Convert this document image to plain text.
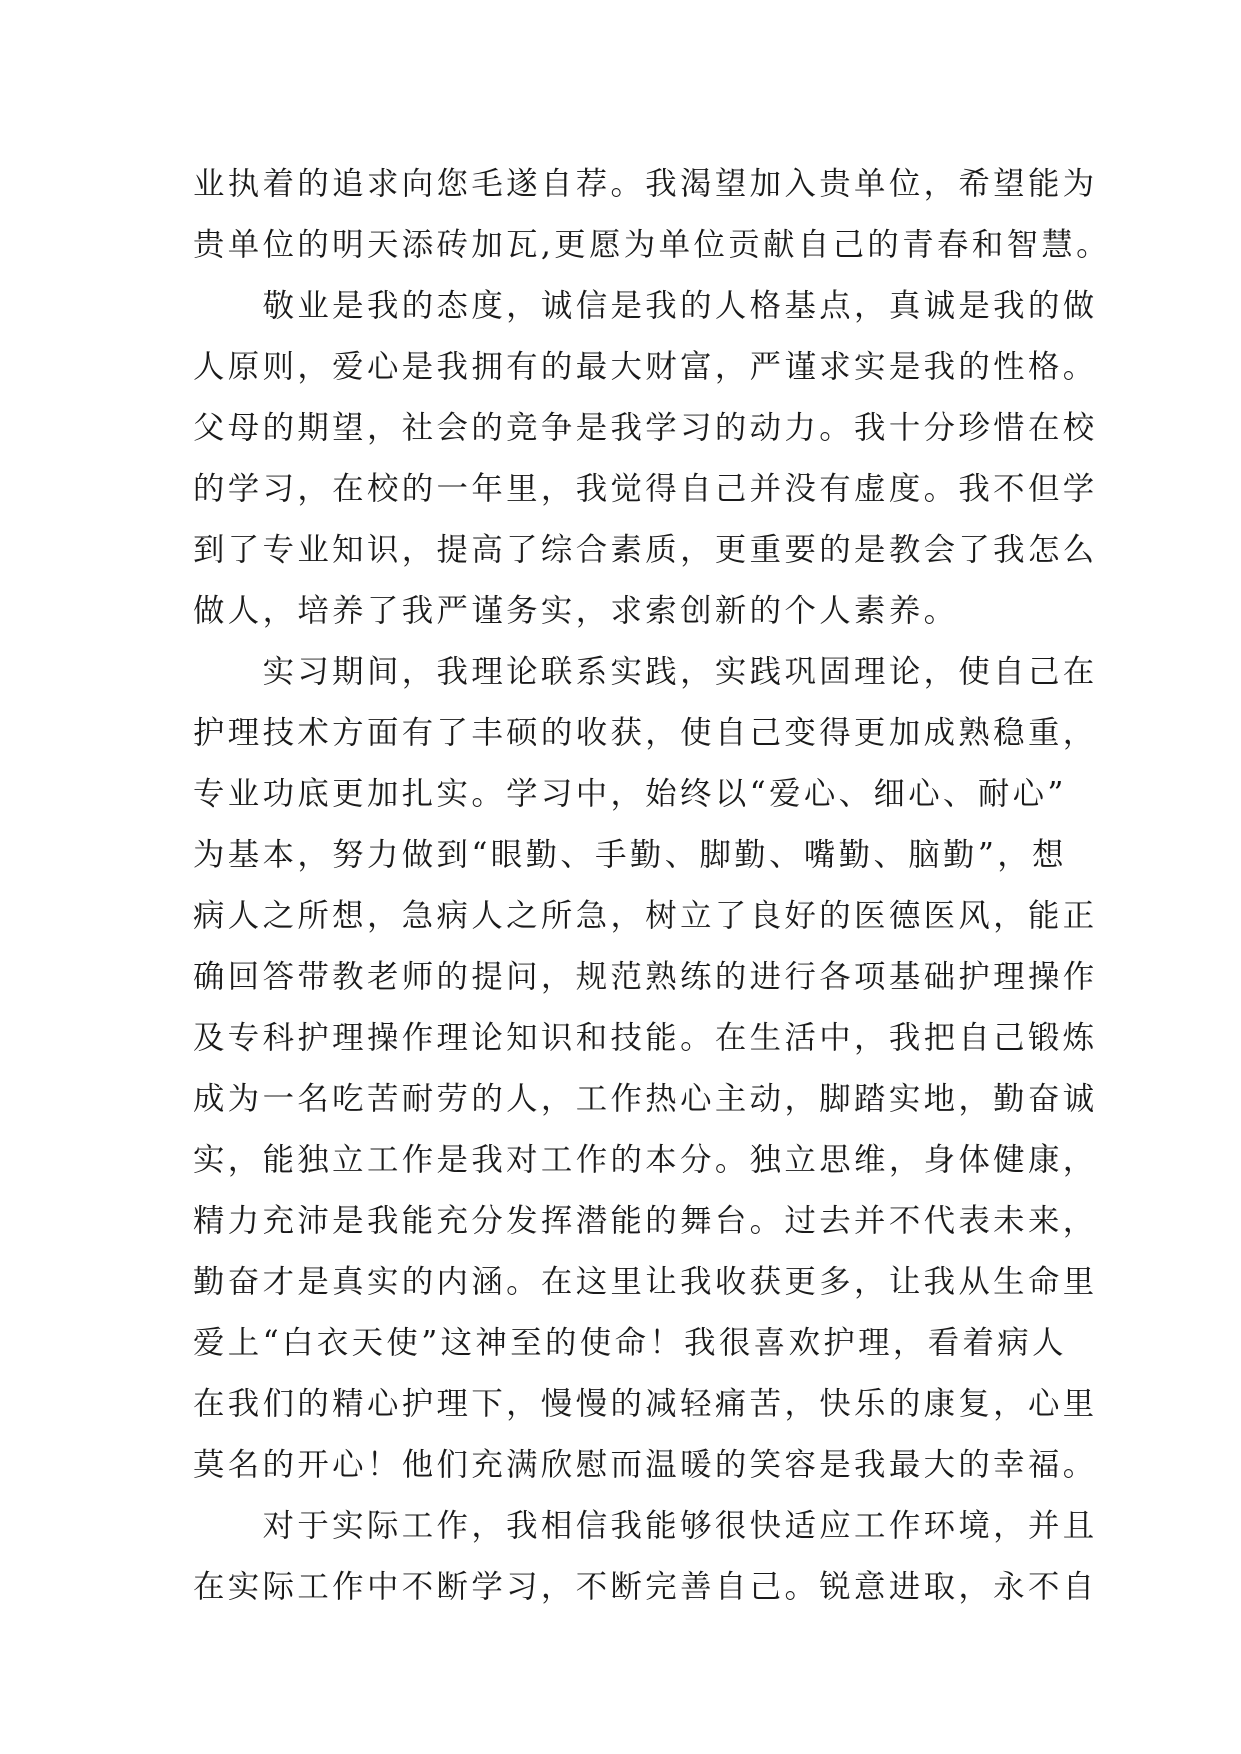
业执着的追求向您毛遂自荐。我渴望加入贵单位，希望能为
贵单位的明天添砖加瓦,更愿为单位贡献自己的青春和智慧。
　　敬业是我的态度，诚信是我的人格基点，真诚是我的做
人原则，爱心是我拥有的最大财富，严谨求实是我的性格。
父母的期望，社会的竞争是我学习的动力。我十分珍惜在校
的学习，在校的一年里，我觉得自己并没有虚度。我不但学
到了专业知识，提高了综合素质，更重要的是教会了我怎么
做人，培养了我严谨务实，求索创新的个人素养。
　　实习期间，我理论联系实践，实践巩固理论，使自己在
护理技术方面有了丰硕的收获，使自己变得更加成熟稳重，
专业功底更加扎实。学习中，始终以“爱心、细心、耐心”
为基本，努力做到“眼勤、手勤、脚勤、嘴勤、脑勤”，想
病人之所想，急病人之所急，树立了良好的医德医风，能正
确回答带教老师的提问，规范熟练的进行各项基础护理操作
及专科护理操作理论知识和技能。在生活中，我把自己锻炼
成为一名吃苦耐劳的人，工作热心主动，脚踏实地，勤奋诚
实，能独立工作是我对工作的本分。独立思维，身体健康，
精力充沛是我能充分发挥潜能的舞台。过去并不代表未来，
勤奋才是真实的内涵。在这里让我收获更多，让我从生命里
爱上“白衣天使”这神至的使命！我很喜欢护理，看着病人
在我们的精心护理下，慢慢的减轻痛苦，快乐的康复，心里
莫名的开心！他们充满欣慰而温暖的笑容是我最大的幸福。
　　对于实际工作，我相信我能够很快适应工作环境，并且
在实际工作中不断学习，不断完善自己。锐意进取，永不自
